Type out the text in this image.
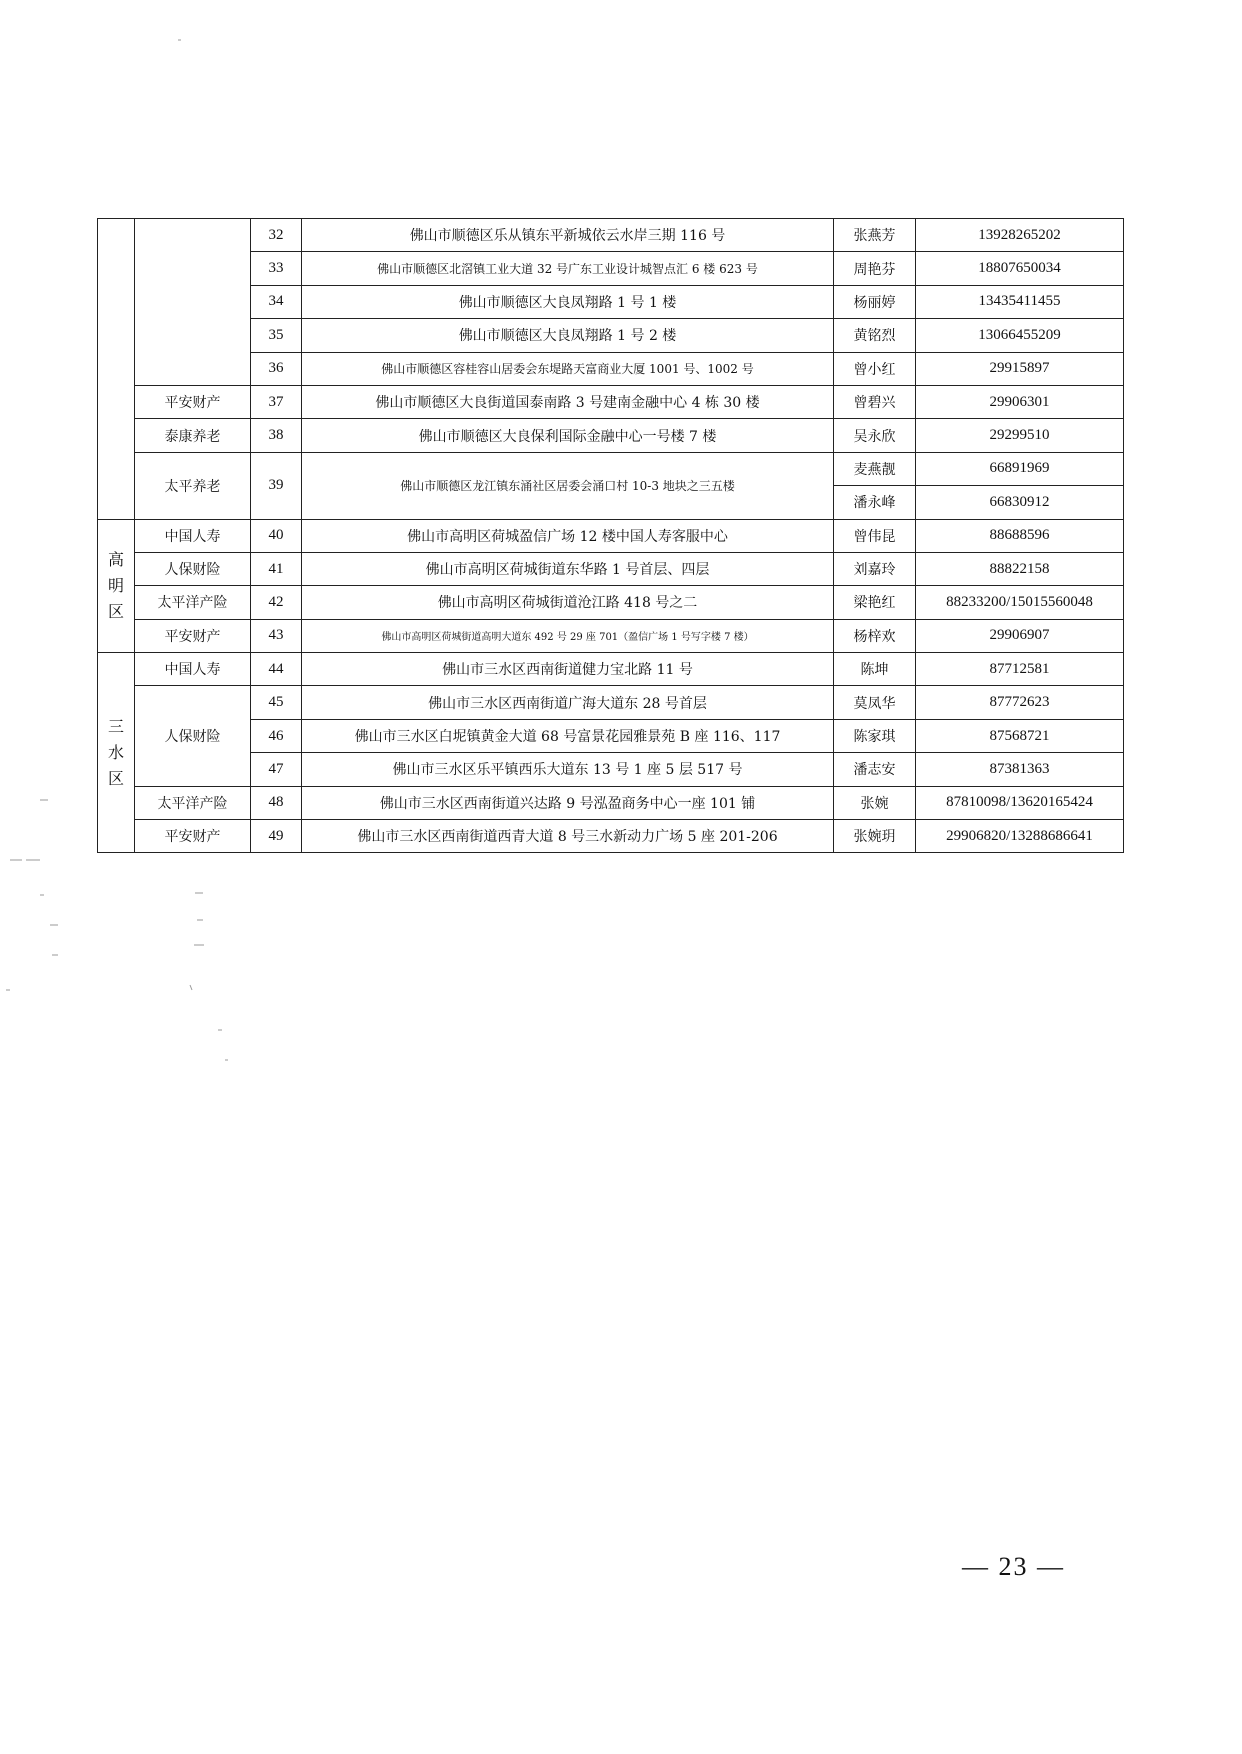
		32	佛山市顺德区乐从镇东平新城依云水岸三期 116 号	张燕芳	13928265202
		33	佛山市顺德区北滘镇工业大道 32 号广东工业设计城智点汇 6 楼 623 号	周艳芬	18807650034
		34	佛山市顺德区大良凤翔路 1 号 1 楼	杨丽婷	13435411455
		35	佛山市顺德区大良凤翔路 1 号 2 楼	黄铭烈	13066455209
		36	佛山市顺德区容桂容山居委会东堤路天富商业大厦 1001 号、1002 号	曾小红	29915897
	平安财产	37	佛山市顺德区大良街道国泰南路 3 号建南金融中心 4 栋 30 楼	曾碧兴	29906301
	泰康养老	38	佛山市顺德区大良保利国际金融中心一号楼 7 楼	吴永欣	29299510
	太平养老	39	佛山市顺德区龙江镇东涌社区居委会涌口村 10-3 地块之三五楼	麦燕靓	66891969
				潘永峰	66830912

高
明
区	中国人寿	40	佛山市高明区荷城盈信广场 12 楼中国人寿客服中心	曾伟昆	88688596
	人保财险	41	佛山市高明区荷城街道东华路 1 号首层、四层	刘嘉玲	88822158
	太平洋产险	42	佛山市高明区荷城街道沧江路 418 号之二	梁艳红	88233200/15015560048
	平安财产	43	佛山市高明区荷城街道高明大道东 492 号 29 座 701（盈信广场 1 号写字楼 7 楼）	杨梓欢	29906907

三
水
区	中国人寿	44	佛山市三水区西南街道健力宝北路 11 号	陈坤	87712581
	人保财险	45	佛山市三水区西南街道广海大道东 28 号首层	莫凤华	87772623
		46	佛山市三水区白坭镇黄金大道 68 号富景花园雅景苑 B 座 116、117	陈家琪	87568721
		47	佛山市三水区乐平镇西乐大道东 13 号 1 座 5 层 517 号	潘志安	87381363
	太平洋产险	48	佛山市三水区西南街道兴达路 9 号泓盈商务中心一座 101 铺	张婉	87810098/13620165424
	平安财产	49	佛山市三水区西南街道西青大道 8 号三水新动力广场 5 座 201-206	张婉玥	29906820/13288686641
— 23 —
